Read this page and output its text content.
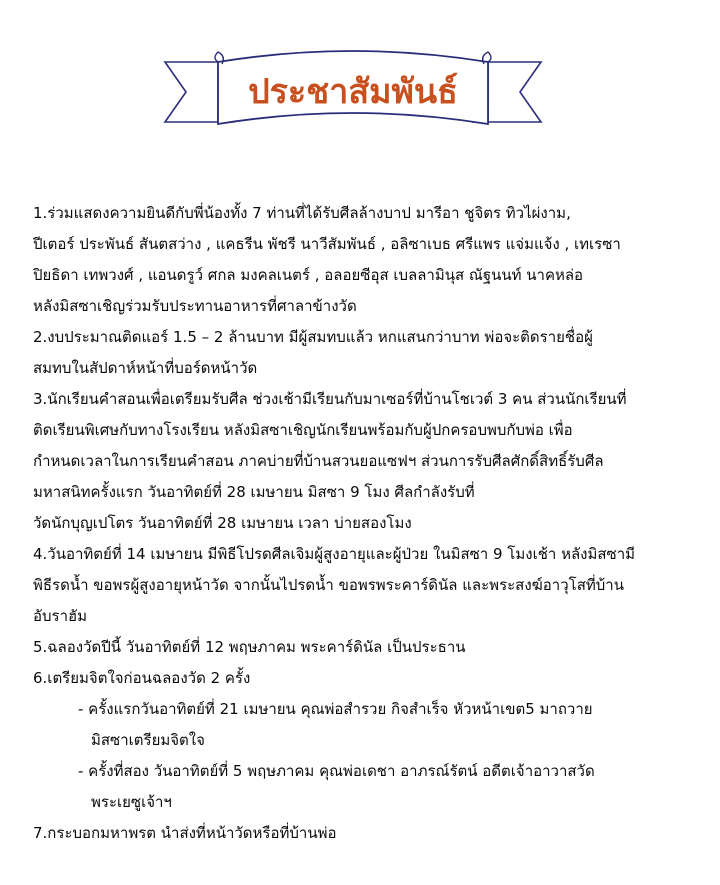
ประชาสัมพันธ์
1.ร่วมแสดงความยินดีกับพี่น้องทั้ง 7 ท่านที่ได้รับศีลล้างบาป มารีอา ชูจิตร ทิวไผ่งาม,
ปีเตอร์ ประพันธ์ สันตสว่าง , แคธรีน พัชรี นาวีสัมพันธ์ , อลิซาเบธ ศรีแพร แจ่มแจ้ง , เทเรซา
ปิยธิดา เทพวงศ์ , แอนดรูว์ ศกล มงคลเนตร์ , อลอยซีอุส เบลลามินุส ณัฐนนท์ นาคหล่อ
หลังมิสซาเชิญร่วมรับประทานอาหารที่ศาลาข้างวัด
2.งบประมาณติดแอร์ 1.5 – 2 ล้านบาท มีผู้สมทบแล้ว หกแสนกว่าบาท พ่อจะติดรายชื่อผู้
สมทบในสัปดาห์หน้าที่บอร์ดหน้าวัด
3.นักเรียนคำสอนเพื่อเตรียมรับศีล ช่วงเช้ามีเรียนกับมาเซอร์ที่บ้านโชเวต์ 3 คน ส่วนนักเรียนที่
ติดเรียนพิเศษกับทางโรงเรียน หลังมิสซาเชิญนักเรียนพร้อมกับผู้ปกครอบพบกับพ่อ เพื่อ
กำหนดเวลาในการเรียนคำสอน ภาคบ่ายที่บ้านสวนยอแซฟฯ ส่วนการรับศีลศักดิ์สิทธิ์รับศีล
มหาสนิทครั้งแรก วันอาทิตย์ที่ 28 เมษายน มิสซา 9 โมง ศีลกำลังรับที่
วัดนักบุญเปโตร วันอาทิตย์ที่ 28 เมษายน เวลา บ่ายสองโมง
4.วันอาทิตย์ที่ 14 เมษายน มีพิธีโปรดศีลเจิมผู้สูงอายุและผู้ป่วย ในมิสซา 9 โมงเช้า หลังมิสซามี
พิธีรดน้ำ ขอพรผู้สูงอายุหน้าวัด จากนั้นไปรดน้ำ ขอพรพระคาร์ดินัล และพระสงฆ์อาวุโสที่บ้าน
อับราฮัม
5.ฉลองวัดปีนี้ วันอาทิตย์ที่ 12 พฤษภาคม พระคาร์ดินัล เป็นประธาน
6.เตรียมจิตใจก่อนฉลองวัด 2 ครั้ง
- ครั้งแรกวันอาทิตย์ที่ 21 เมษายน คุณพ่อสำรวย กิจสำเร็จ หัวหน้าเขต5 มาถวาย
มิสซาเตรียมจิตใจ
- ครั้งที่สอง วันอาทิตย์ที่ 5 พฤษภาคม คุณพ่อเดชา อาภรณ์รัตน์ อดีตเจ้าอาวาสวัด
พระเยซูเจ้าฯ
7.กระบอกมหาพรต นำส่งที่หน้าวัดหรือที่บ้านพ่อ
